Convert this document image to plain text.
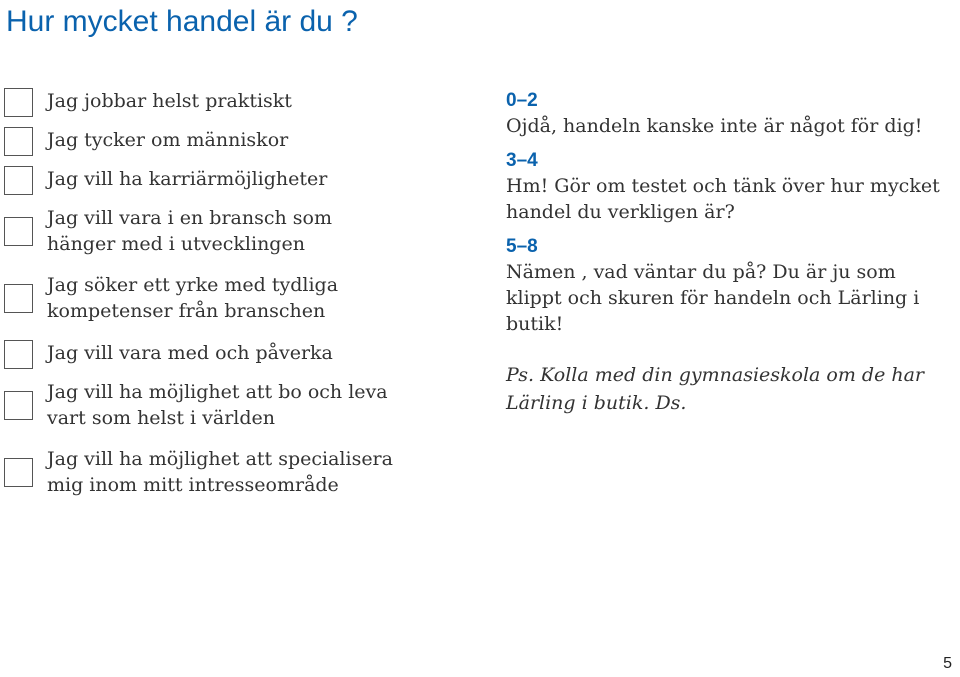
Hur mycket handel är du ?
Jag jobbar helst praktiskt
Jag tycker om människor
Jag vill ha karriärmöjligheter
Jag vill vara i en bransch som
hänger med i utvecklingen
Jag söker ett yrke med tydliga
kompetenser från branschen
Jag vill vara med och påverka
Jag vill ha möjlighet att bo och leva
vart som helst i världen
Jag vill ha möjlighet att specialisera
mig inom mitt intresseområde
0–2
Ojdå, handeln kanske inte är något för dig!
3–4
Hm! Gör om testet och tänk över hur mycket handel du verkligen är?
5–8
Nämen , vad väntar du på? Du är ju som klippt och skuren för handeln och Lärling i butik!
Ps. Kolla med din gymnasieskola om de har
Lärling i butik. Ds.
5
